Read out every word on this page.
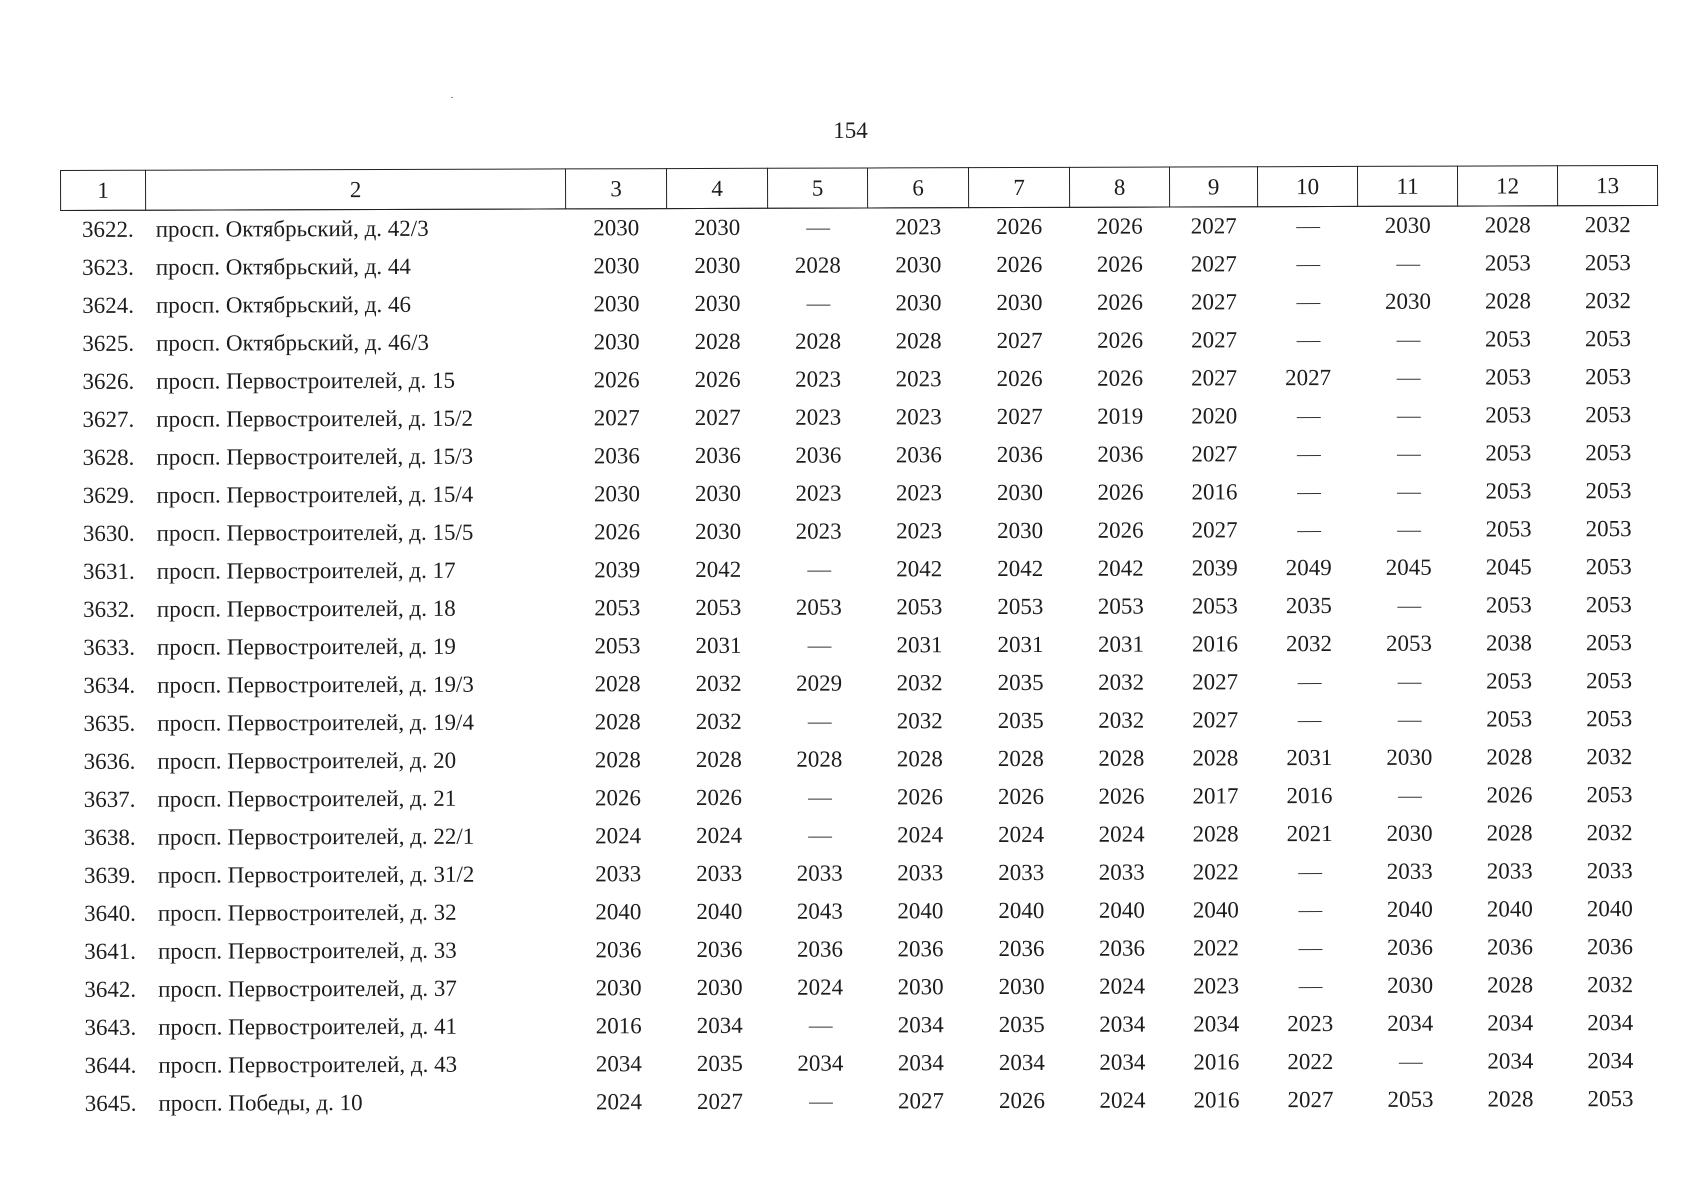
154
1	2	3	4	5	6	7	8	9	10	11	12	13
3622.	просп. Октябрьский, д. 42/3	2030	2030		2023	2026	2026	2027		2030	2028	2032
3623.	просп. Октябрьский, д. 44	2030	2030	2028	2030	2026	2026	2027			2053	2053
3624.	просп. Октябрьский, д. 46	2030	2030		2030	2030	2026	2027		2030	2028	2032
3625.	просп. Октябрьский, д. 46/3	2030	2028	2028	2028	2027	2026	2027			2053	2053
3626.	просп. Первостроителей, д. 15	2026	2026	2023	2023	2026	2026	2027	2027		2053	2053
3627.	просп. Первостроителей, д. 15/2	2027	2027	2023	2023	2027	2019	2020			2053	2053
3628.	просп. Первостроителей, д. 15/3	2036	2036	2036	2036	2036	2036	2027			2053	2053
3629.	просп. Первостроителей, д. 15/4	2030	2030	2023	2023	2030	2026	2016			2053	2053
3630.	просп. Первостроителей, д. 15/5	2026	2030	2023	2023	2030	2026	2027			2053	2053
3631.	просп. Первостроителей, д. 17	2039	2042		2042	2042	2042	2039	2049	2045	2045	2053
3632.	просп. Первостроителей, д. 18	2053	2053	2053	2053	2053	2053	2053	2035		2053	2053
3633.	просп. Первостроителей, д. 19	2053	2031		2031	2031	2031	2016	2032	2053	2038	2053
3634.	просп. Первостроителей, д. 19/3	2028	2032	2029	2032	2035	2032	2027			2053	2053
3635.	просп. Первостроителей, д. 19/4	2028	2032		2032	2035	2032	2027			2053	2053
3636.	просп. Первостроителей, д. 20	2028	2028	2028	2028	2028	2028	2028	2031	2030	2028	2032
3637.	просп. Первостроителей, д. 21	2026	2026		2026	2026	2026	2017	2016		2026	2053
3638.	просп. Первостроителей, д. 22/1	2024	2024		2024	2024	2024	2028	2021	2030	2028	2032
3639.	просп. Первостроителей, д. 31/2	2033	2033	2033	2033	2033	2033	2022		2033	2033	2033
3640.	просп. Первостроителей, д. 32	2040	2040	2043	2040	2040	2040	2040		2040	2040	2040
3641.	просп. Первостроителей, д. 33	2036	2036	2036	2036	2036	2036	2022		2036	2036	2036
3642.	просп. Первостроителей, д. 37	2030	2030	2024	2030	2030	2024	2023		2030	2028	2032
3643.	просп. Первостроителей, д. 41	2016	2034		2034	2035	2034	2034	2023	2034	2034	2034
3644.	просп. Первостроителей, д. 43	2034	2035	2034	2034	2034	2034	2016	2022		2034	2034
3645.	просп. Победы, д. 10	2024	2027		2027	2026	2024	2016	2027	2053	2028	2053
